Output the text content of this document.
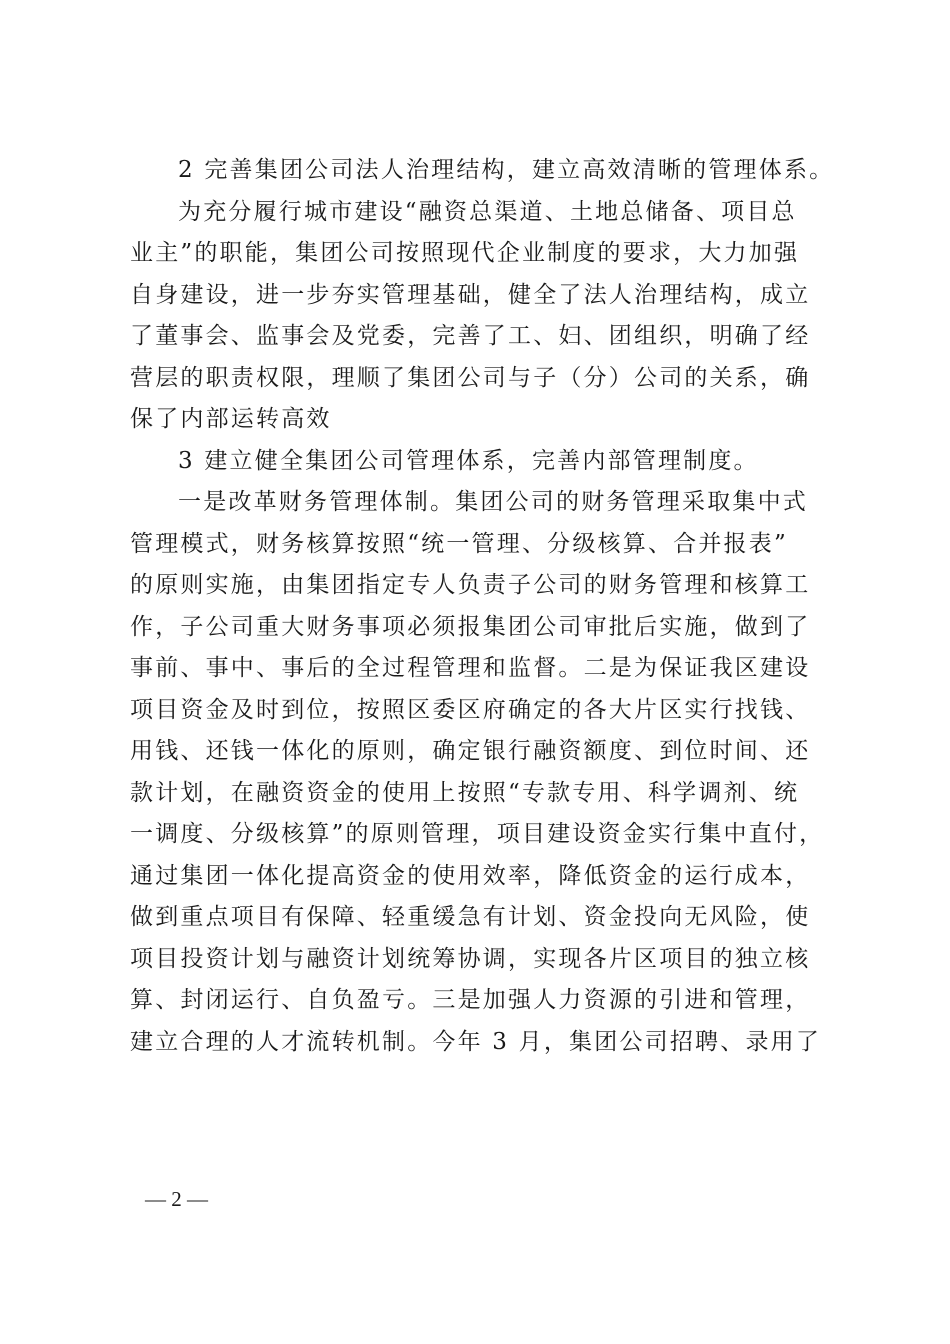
2 完善集团公司法人治理结构，建立高效清晰的管理体系。
为充分履行城市建设“融资总渠道、土地总储备、项目总
业主”的职能，集团公司按照现代企业制度的要求，大力加强
自身建设，进一步夯实管理基础，健全了法人治理结构，成立
了董事会、监事会及党委，完善了工、妇、团组织，明确了经
营层的职责权限，理顺了集团公司与子（分）公司的关系，确
保了内部运转高效
3 建立健全集团公司管理体系，完善内部管理制度。
一是改革财务管理体制。集团公司的财务管理采取集中式
管理模式，财务核算按照“统一管理、分级核算、合并报表”
的原则实施，由集团指定专人负责子公司的财务管理和核算工
作，子公司重大财务事项必须报集团公司审批后实施，做到了
事前、事中、事后的全过程管理和监督。二是为保证我区建设
项目资金及时到位，按照区委区府确定的各大片区实行找钱、
用钱、还钱一体化的原则，确定银行融资额度、到位时间、还
款计划，在融资资金的使用上按照“专款专用、科学调剂、统
一调度、分级核算”的原则管理，项目建设资金实行集中直付，
通过集团一体化提高资金的使用效率，降低资金的运行成本，
做到重点项目有保障、轻重缓急有计划、资金投向无风险，使
项目投资计划与融资计划统筹协调，实现各片区项目的独立核
算、封闭运行、自负盈亏。三是加强人力资源的引进和管理，
建立合理的人才流转机制。今年 3 月，集团公司招聘、录用了
— 2 —
